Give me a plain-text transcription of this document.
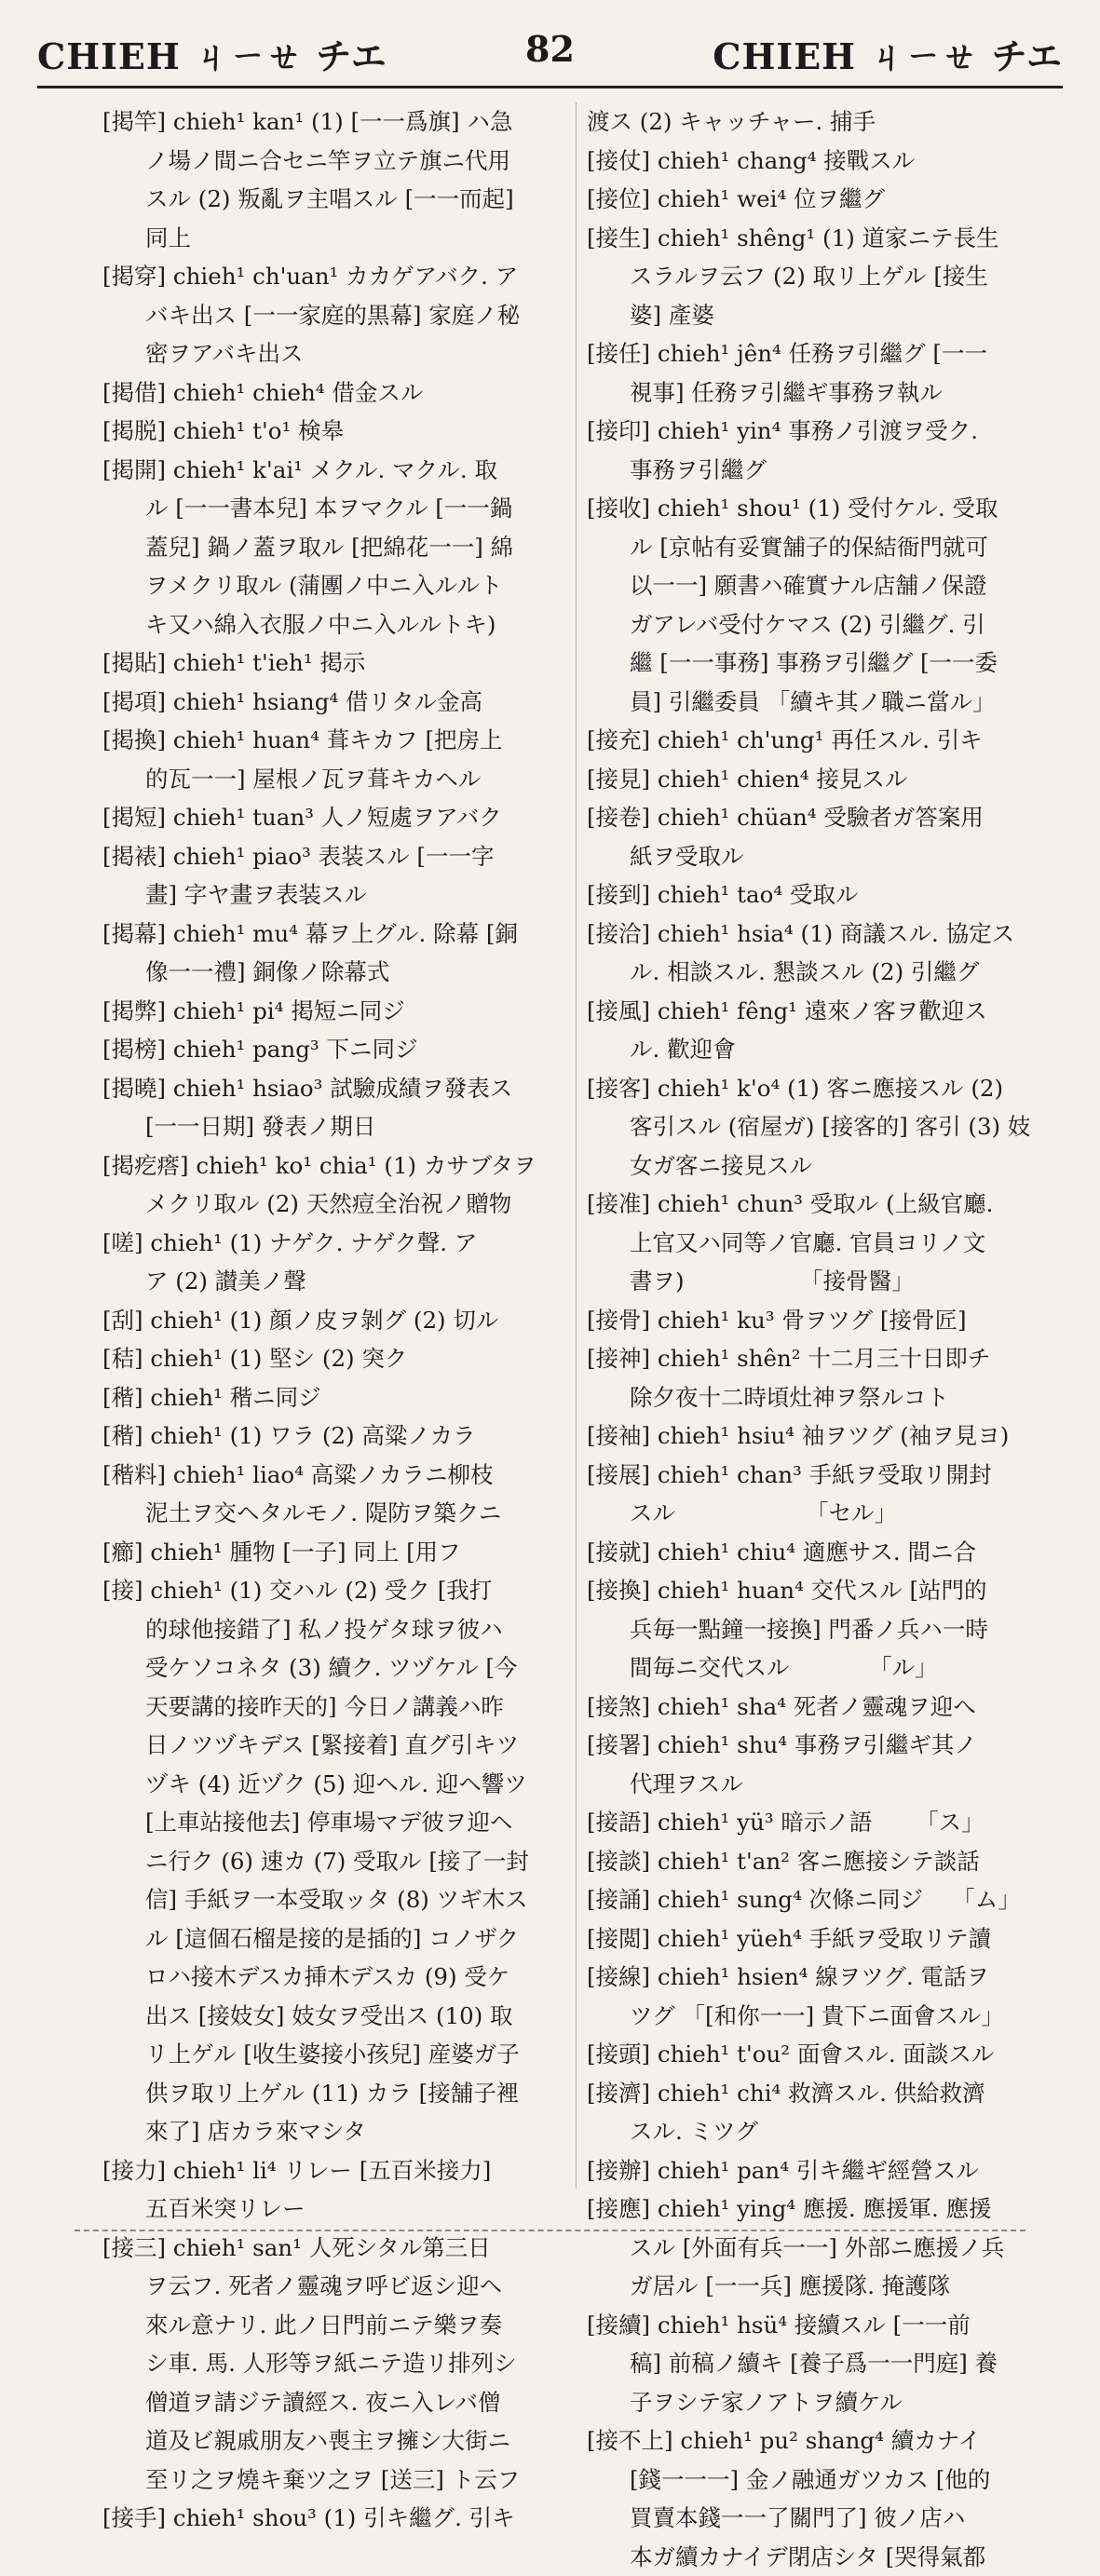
CHIEH ㄐㄧㄝ チエ	82	CHIEH ㄐㄧㄝ チエ
[掲竿] chieh¹ kan¹ (1) [一一爲旗] ハ急
ノ場ノ間ニ合セニ竿ヲ立テ旗ニ代用
スル (2) 叛亂ヲ主唱スル [一一而起]
同上
[掲穿] chieh¹ ch'uan¹ カカゲアバク. ア
バキ出ス [一一家庭的黒幕] 家庭ノ秘
密ヲアバキ出ス
[掲借] chieh¹ chieh⁴ 借金スル
[掲脱] chieh¹ t'o¹ 検皋
[掲開] chieh¹ k'ai¹ メクル. マクル. 取
ル [一一書本兒] 本ヲマクル [一一鍋
蓋兒] 鍋ノ蓋ヲ取ル [把綿花一一] 綿
ヲメクリ取ル (蒲團ノ中ニ入ルルト
キ又ハ綿入衣服ノ中ニ入ルルトキ)
[掲貼] chieh¹ t'ieh¹ 掲示
[掲項] chieh¹ hsiang⁴ 借リタル金高
[掲換] chieh¹ huan⁴ 葺キカフ [把房上
的瓦一一] 屋根ノ瓦ヲ葺キカヘル
[掲短] chieh¹ tuan³ 人ノ短處ヲアバク
[掲裱] chieh¹ piao³ 表装スル [一一字
畫] 字ヤ畫ヲ表装スル
[掲幕] chieh¹ mu⁴ 幕ヲ上グル. 除幕 [銅
像一一禮] 銅像ノ除幕式
[掲弊] chieh¹ pi⁴ 掲短ニ同ジ
[掲榜] chieh¹ pang³ 下ニ同ジ
[掲曉] chieh¹ hsiao³ 試驗成績ヲ發表ス
[一一日期] 發表ノ期日
[掲疙瘩] chieh¹ ko¹ chia¹ (1) カサブタヲ
メクリ取ル (2) 天然痘全治祝ノ贈物
[嗟] chieh¹ (1) ナゲク. ナゲク聲. ア
ア (2) 讃美ノ聲
[刮] chieh¹ (1) 顔ノ皮ヲ剝グ (2) 切ル
[秸] chieh¹ (1) 堅シ (2) 突ク
[稭] chieh¹ 稭ニ同ジ
[稭] chieh¹ (1) ワラ (2) 高粱ノカラ
[稭料] chieh¹ liao⁴ 高粱ノカラニ柳枝
泥土ヲ交ヘタルモノ. 隄防ヲ築クニ
[癤] chieh¹ 腫物 [一子] 同上 [用フ
[接] chieh¹ (1) 交ハル (2) 受ク [我打
的球他接錯了] 私ノ投ゲタ球ヲ彼ハ
受ケソコネタ (3) 續ク. ツヅケル [今
天要講的接昨天的] 今日ノ講義ハ昨
日ノツヅキデス [緊接着] 直グ引キツ
ヅキ (4) 近ヅク (5) 迎ヘル. 迎ヘ響ツ
[上車站接他去] 停車場マデ彼ヲ迎ヘ
ニ行ク (6) 速カ (7) 受取ル [接了一封
信] 手紙ヲ一本受取ッタ (8) ツギ木ス
ル [這個石榴是接的是插的] コノザク
ロハ接木デスカ挿木デスカ (9) 受ケ
出ス [接妓女] 妓女ヲ受出ス (10) 取
リ上ゲル [收生婆接小孩兒] 産婆ガ子
供ヲ取リ上ゲル (11) カラ [接舗子裡
來了] 店カラ來マシタ
[接力] chieh¹ li⁴ リレー [五百米接力]
五百米突リレー
[接三] chieh¹ san¹ 人死シタル第三日
ヲ云フ. 死者ノ靈魂ヲ呼ビ返シ迎ヘ
來ル意ナリ. 此ノ日門前ニテ樂ヲ奏
シ車. 馬. 人形等ヲ紙ニテ造リ排列シ
僧道ヲ請ジテ讀經ス. 夜ニ入レバ僧
道及ビ親戚朋友ハ喪主ヲ擁シ大街ニ
至リ之ヲ燒キ棄ツ之ヲ [送三] ト云フ
[接手] chieh¹ shou³ (1) 引キ繼グ. 引キ
渡ス (2) キャッチャー. 捕手
[接仗] chieh¹ chang⁴ 接戰スル
[接位] chieh¹ wei⁴ 位ヲ繼グ
[接生] chieh¹ shêng¹ (1) 道家ニテ長生
スラルヲ云フ (2) 取リ上ゲル [接生
婆] 產婆
[接任] chieh¹ jên⁴ 任務ヲ引繼グ [一一
視事] 任務ヲ引繼ギ事務ヲ執ル
[接印] chieh¹ yin⁴ 事務ノ引渡ヲ受ク.
事務ヲ引繼グ
[接收] chieh¹ shou¹ (1) 受付ケル. 受取
ル [京帖有妥實舗子的保結衙門就可
以一一] 願書ハ確實ナル店舗ノ保證
ガアレバ受付ケマス (2) 引繼グ. 引
繼 [一一事務] 事務ヲ引繼グ [一一委
員] 引繼委員 「續キ其ノ職ニ當ル」
[接充] chieh¹ ch'ung¹ 再任スル. 引キ
[接見] chieh¹ chien⁴ 接見スル
[接卷] chieh¹ chüan⁴ 受驗者ガ答案用
紙ヲ受取ル
[接到] chieh¹ tao⁴ 受取ル
[接洽] chieh¹ hsia⁴ (1) 商議スル. 協定ス
ル. 相談スル. 懇談スル (2) 引繼グ
[接風] chieh¹ fêng¹ 遠來ノ客ヲ歡迎ス
ル. 歡迎會
[接客] chieh¹ k'o⁴ (1) 客ニ應接スル (2)
客引スル (宿屋ガ) [接客的] 客引 (3) 妓
女ガ客ニ接見スル
[接准] chieh¹ chun³ 受取ル (上級官廳.
上官又ハ同等ノ官廳. 官員ヨリノ文
書ヲ)                「接骨醫」
[接骨] chieh¹ ku³ 骨ヲツグ [接骨匠]
[接神] chieh¹ shên² 十二月三十日即チ
除夕夜十二時頃灶神ヲ祭ルコト
[接袖] chieh¹ hsiu⁴ 袖ヲツグ (袖ヲ見ヨ)
[接展] chieh¹ chan³ 手紙ヲ受取リ開封
スル                  「セル」
[接就] chieh¹ chiu⁴ 適應サス. 間ニ合
[接換] chieh¹ huan⁴ 交代スル [站門的
兵毎一點鐘一接換] 門番ノ兵ハ一時
間毎ニ交代スル           「ル」
[接煞] chieh¹ sha⁴ 死者ノ靈魂ヲ迎へ
[接署] chieh¹ shu⁴ 事務ヲ引繼ギ其ノ
代理ヲスル
[接語] chieh¹ yü³ 暗示ノ語      「ス」
[接談] chieh¹ t'an² 客ニ應接シテ談話
[接誦] chieh¹ sung⁴ 次條ニ同ジ    「ム」
[接閲] chieh¹ yüeh⁴ 手紙ヲ受取リテ讀
[接線] chieh¹ hsien⁴ 線ヲツグ. 電話ヲ
ツグ 「[和你一一] 貴下ニ面會スル」
[接頭] chieh¹ t'ou² 面會スル. 面談スル
[接濟] chieh¹ chi⁴ 救濟スル. 供給救濟
スル. ミツグ
[接辦] chieh¹ pan⁴ 引キ繼ギ經營スル
[接應] chieh¹ ying⁴ 應援. 應援軍. 應援
スル [外面有兵一一] 外部ニ應援ノ兵
ガ居ル [一一兵] 應援隊. 掩護隊
[接續] chieh¹ hsü⁴ 接續スル [一一前
稿] 前稿ノ續キ [養子爲一一門庭] 養
子ヲシテ家ノアトヲ續ケル
[接不上] chieh¹ pu² shang⁴ 續カナイ
[錢一一一] 金ノ融通ガツカス [他的
買賣本錢一一了關門了] 彼ノ店ハ
本ガ續カナイデ閉店シタ [哭得氣都
